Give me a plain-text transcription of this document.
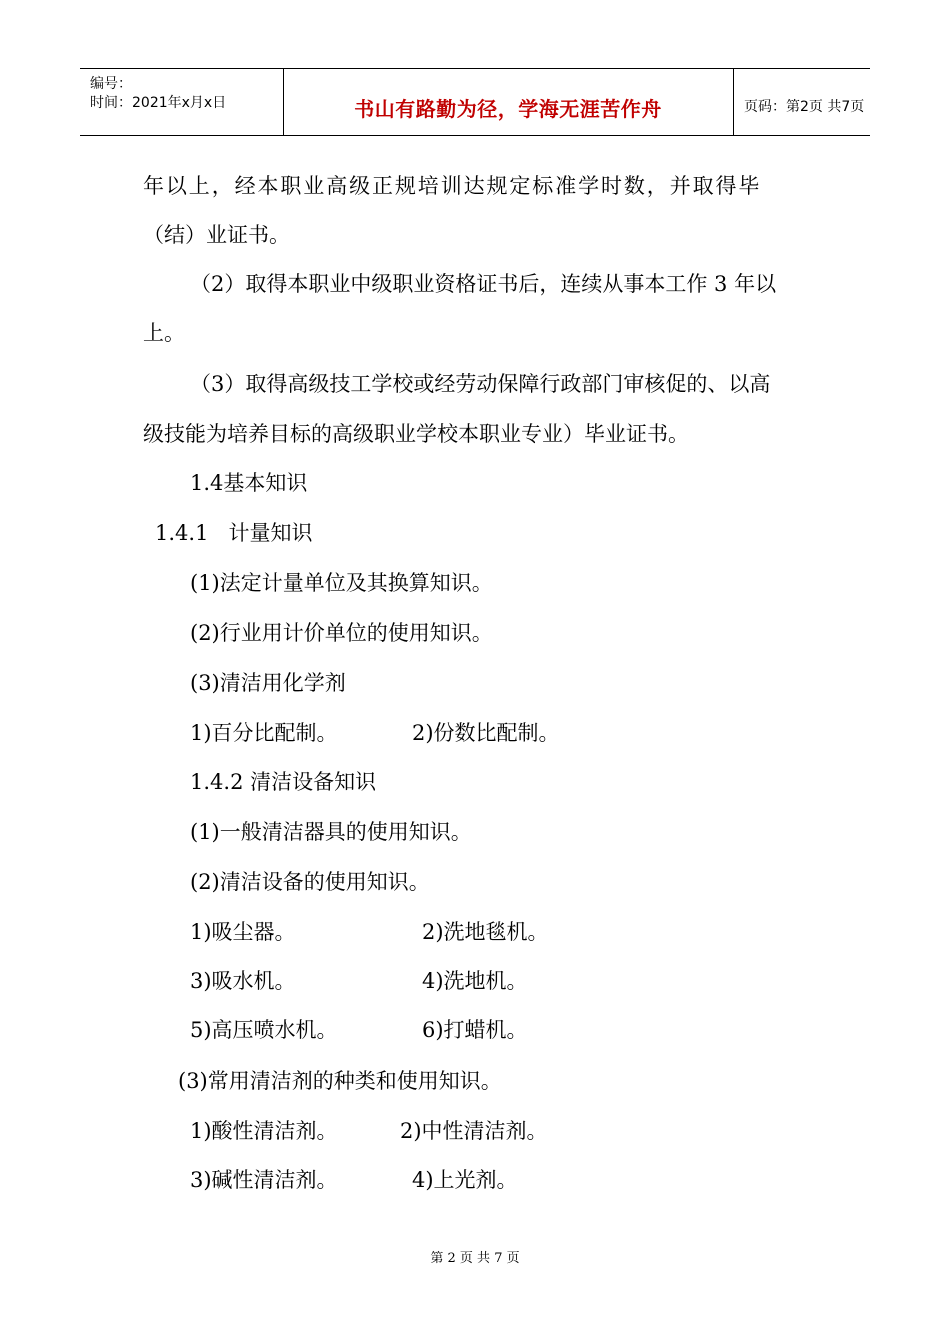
编号：
时间：2021年x月x日	书山有路勤为径，学海无涯苦作舟	页码：第2页 共7页
年以上，经本职业高级正规培训达规定标准学时数，并取得毕
（结）业证书。
（2）取得本职业中级职业资格证书后，连续从事本工作 3 年以
上。
（3）取得高级技工学校或经劳动保障行政部门审核促的、以高
级技能为培养目标的高级职业学校本职业专业）毕业证书。
1.4基本知识
1.4.1   计量知识
(1)法定计量单位及其换算知识。
(2)行业用计价单位的使用知识。
(3)清洁用化学剂
1)百分比配制。	2)份数比配制。
1.4.2 清洁设备知识
(1)一般清洁器具的使用知识。
(2)清洁设备的使用知识。
1)吸尘器。	2)洗地毯机。
3)吸水机。	4)洗地机。
5)高压喷水机。	6)打蜡机。
(3)常用清洁剂的种类和使用知识。
1)酸性清洁剂。	2)中性清洁剂。
3)碱性清洁剂。	4)上光剂。
第 2 页 共 7 页
